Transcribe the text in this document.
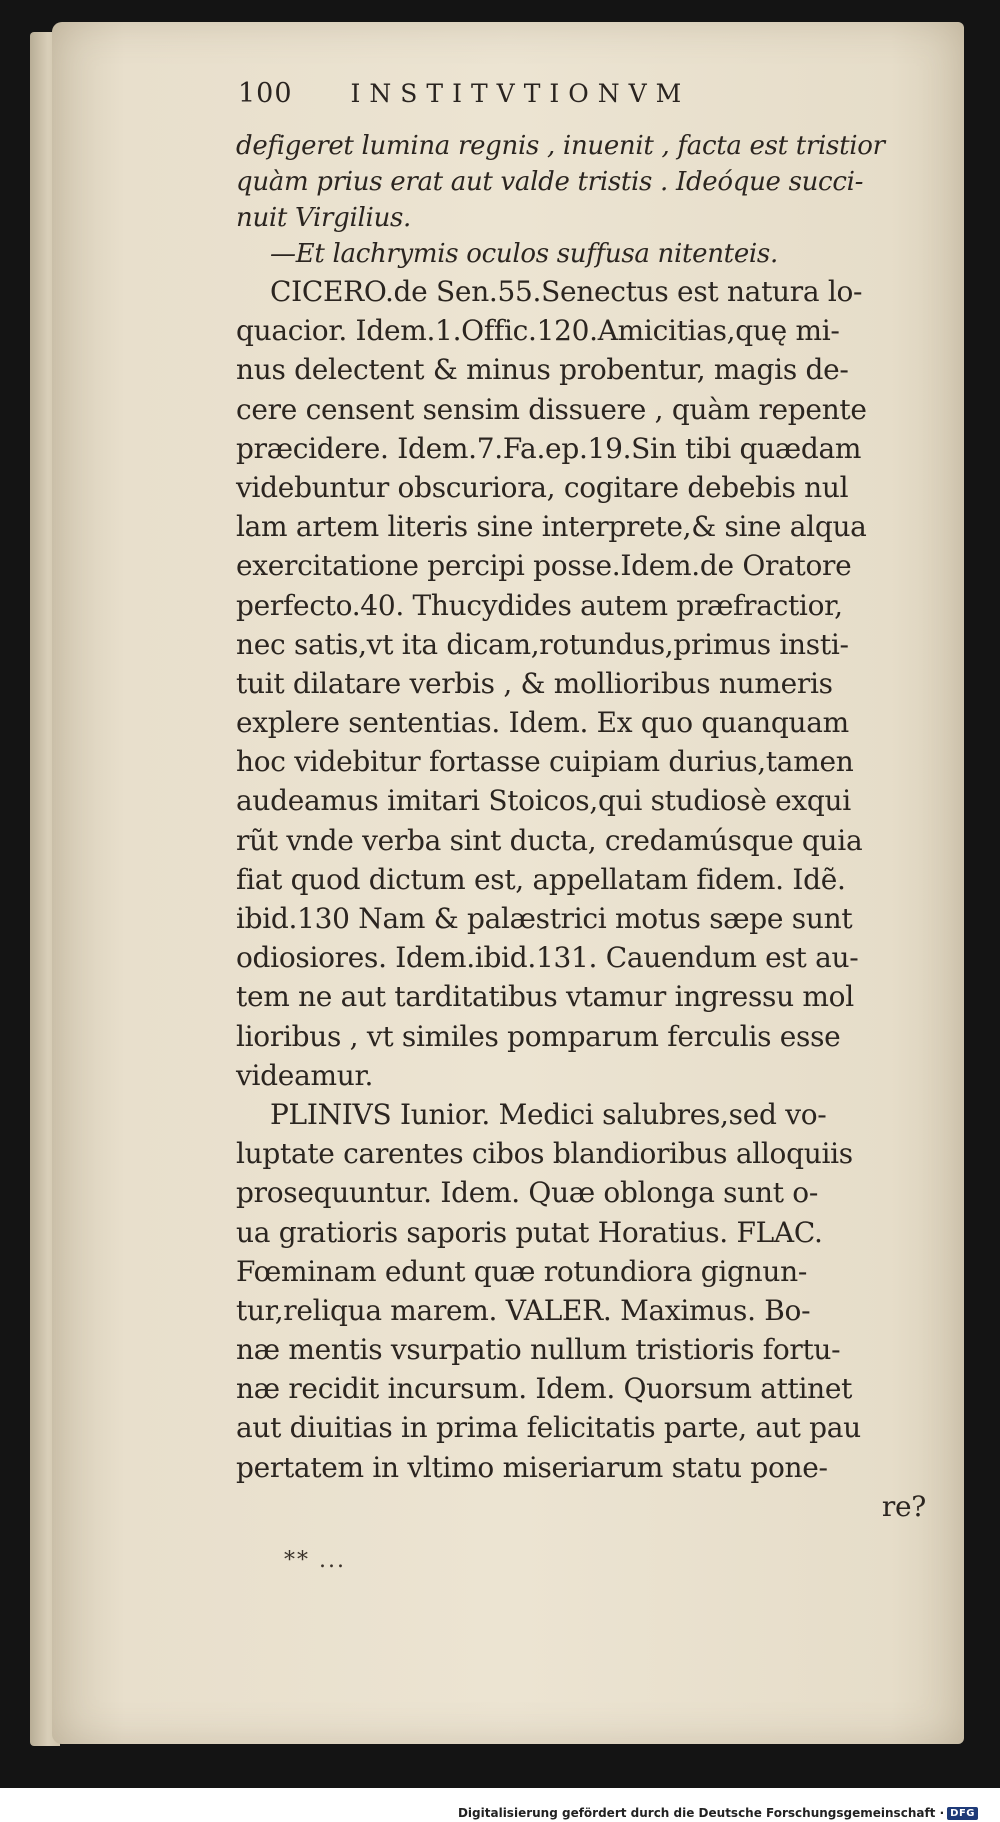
100 INSTITVTIONVM
defigeret lumina regnis , inuenit , facta est tristior
quàm prius erat aut valde tristis . Ideóque succi-
nuit Virgilius.
—Et lachrymis oculos suffusa nitenteis.
CICERO.de Sen.55.Senectus est natura lo-
quacior. Idem.1.Offic.120.Amicitias,quę mi-
nus delectent & minus probentur, magis de-
cere censent sensim dissuere , quàm repente
præcidere. Idem.7.Fa.ep.19.Sin tibi quædam
videbuntur obscuriora, cogitare debebis nul
lam artem literis sine interprete,& sine alqua
exercitatione percipi posse.Idem.de Oratore
perfecto.40. Thucydides autem præfractior,
nec satis,vt ita dicam,rotundus,primus insti-
tuit dilatare verbis , & mollioribus numeris
explere sententias. Idem. Ex quo quanquam
hoc videbitur fortasse cuipiam durius,tamen
audeamus imitari Stoicos,qui studiosè exqui
rũt vnde verba sint ducta, credamúsque quia
fiat quod dictum est, appellatam fidem. Idẽ.
ibid.130 Nam & palæstrici motus sæpe sunt
odiosiores. Idem.ibid.131. Cauendum est au-
tem ne aut tarditatibus vtamur ingressu mol
lioribus , vt similes pomparum ferculis esse
videamur.
PLINIVS Iunior. Medici salubres,sed vo-
luptate carentes cibos blandioribus alloquiis
prosequuntur. Idem. Quæ oblonga sunt o-
ua gratioris saporis putat Horatius. FLAC.
Fœminam edunt quæ rotundiora gignun-
tur,reliqua marem. VALER. Maximus. Bo-
næ mentis vsurpatio nullum tristioris fortu-
næ recidit incursum. Idem. Quorsum attinet
aut diuitias in prima felicitatis parte, aut pau
pertatem in vltimo miseriarum statu pone-
re?
** ...
Digitalisierung gefördert durch die Deutsche Forschungsgemeinschaft · DFG
